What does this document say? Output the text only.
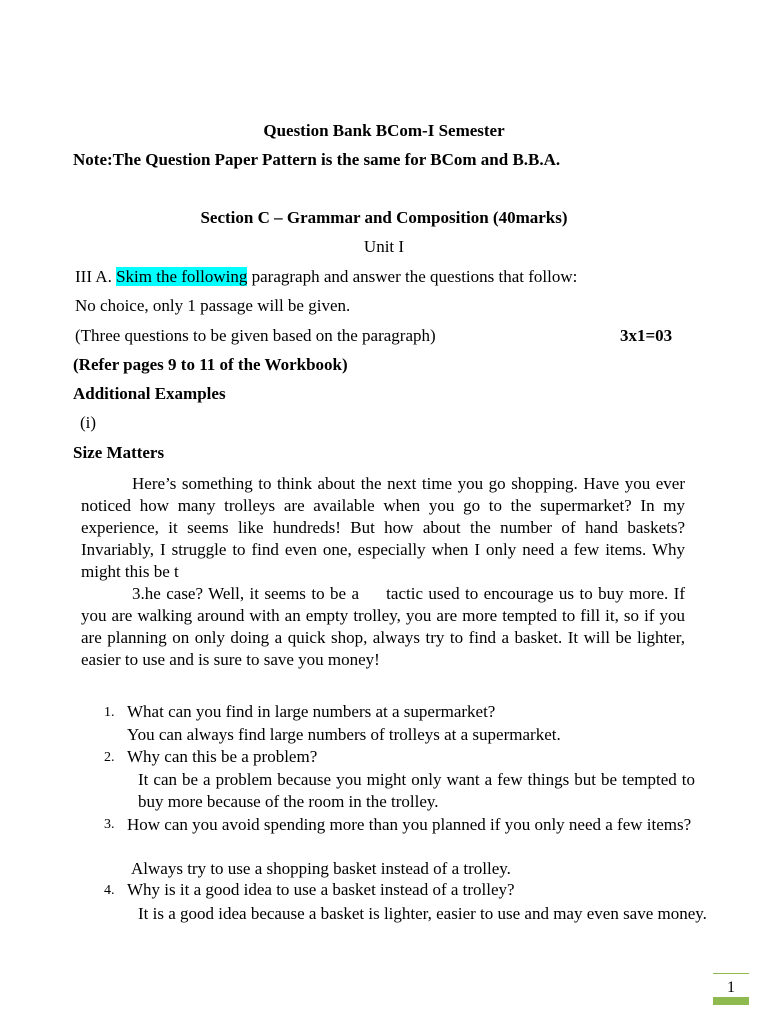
Question Bank BCom-I Semester
Note:The Question Paper Pattern is the same for BCom and B.B.A.
Section C – Grammar and Composition (40marks)
Unit I
III A. Skim the following paragraph and answer the questions that follow:
No choice, only 1 passage will be given.
(Three questions to be given based on the paragraph)	3x1=03
(Refer pages 9 to 11 of the Workbook)
Additional Examples
(i)
Size Matters

Here’s something to think about the next time you go shopping. Have you ever noticed how many trolleys are available when you go to the supermarket? In my experience, it seems like hundreds! But how about the number of hand baskets? Invariably, I struggle to find even one, especially when I only need a few items. Why might this be t

3.he case? Well, it seems to be a     tactic used to encourage us to buy more. If you are walking around with an empty trolley, you are more tempted to fill it, so if you are planning on only doing a quick shop, always try to find a basket. It will be lighter, easier to use and is sure to save you money!

1. What can you find in large numbers at a supermarket?
You can always find large numbers of trolleys at a supermarket.
2. Why can this be a problem?
It can be a problem because you might only want a few things but be tempted to buy more because of the room in the trolley.
3. How can you avoid spending more than you planned if you only need a few items?
Always try to use a shopping basket instead of a trolley.
4. Why is it a good idea to use a basket instead of a trolley?
It is a good idea because a basket is lighter, easier to use and may even save money.
1
